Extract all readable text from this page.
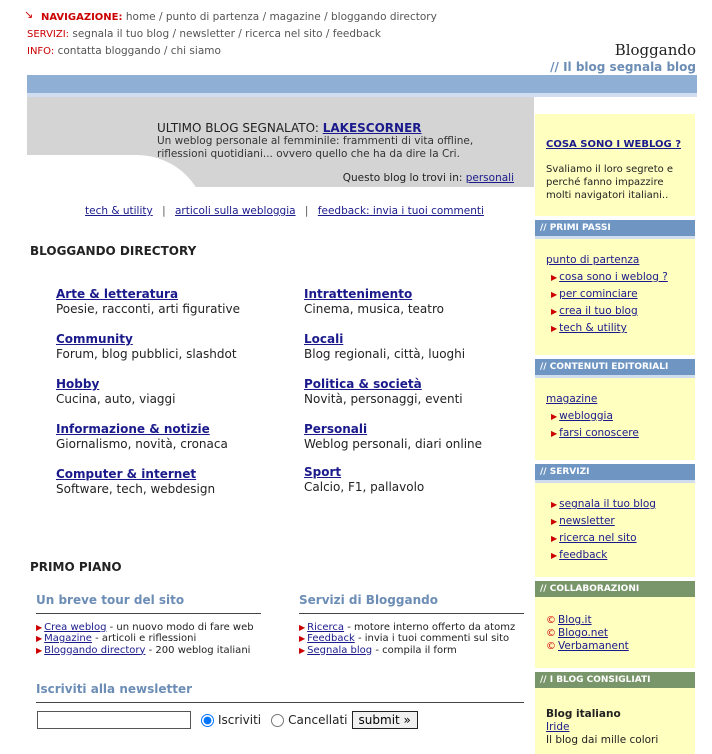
↘ NAVIGAZIONE: home / punto di partenza / magazine / bloggando directory
SERVIZI: segnala il tuo blog / newsletter / ricerca nel sito / feedback
INFO: contatta bloggando / chi siamo	Bloggando
// Il blog segnala blog
ULTIMO BLOG SEGNALATO: LAKESCORNER
Un weblog personale al femminile: frammenti di vita offline, riflessioni quotidiani... ovvero quello che ha da dire la Cri.
Questo blog lo trovi in: personali
tech & utility | articoli sulla webloggia | feedback: invia i tuoi commenti
BLOGGANDO DIRECTORY
Arte & letteratura
Poesie, racconti, arti figurative
Community
Forum, blog pubblici, slashdot
Hobby
Cucina, auto, viaggi
Informazione & notizie
Giornalismo, novità, cronaca
Computer & internet
Software, tech, webdesign
Intrattenimento
Cinema, musica, teatro
Locali
Blog regionali, città, luoghi
Politica & società
Novità, personaggi, eventi
Personali
Weblog personali, diari online
Sport
Calcio, F1, pallavolo
PRIMO PIANO
Un breve tour del sito
▶ Crea weblog - un nuovo modo di fare web
▶ Magazine - articoli e riflessioni
▶ Bloggando directory - 200 weblog italiani
Servizi di Bloggando
▶ Ricerca - motore interno offerto da atomz
▶ Feedback - invia i tuoi commenti sul sito
▶ Segnala blog - compila il form
Iscriviti alla newsletter
Iscriviti Cancellati submit »
COSA SONO I WEBLOG ?
Svaliamo il loro segreto e perché fanno impazzire molti navigatori italiani..
// PRIMI PASSI
punto di partenza
▶ cosa sono i weblog ?
▶ per cominciare
▶ crea il tuo blog
▶ tech & utility
// CONTENUTI EDITORIALI
magazine
▶ webloggia
▶ farsi conoscere
// SERVIZI
▶ segnala il tuo blog
▶ newsletter
▶ ricerca nel sito
▶ feedback
// COLLABORAZIONI
© Blog.it
© Blogo.net
© Verbamanent
// I BLOG CONSIGLIATI
Blog italiano
Iride
Il blog dai mille colori
